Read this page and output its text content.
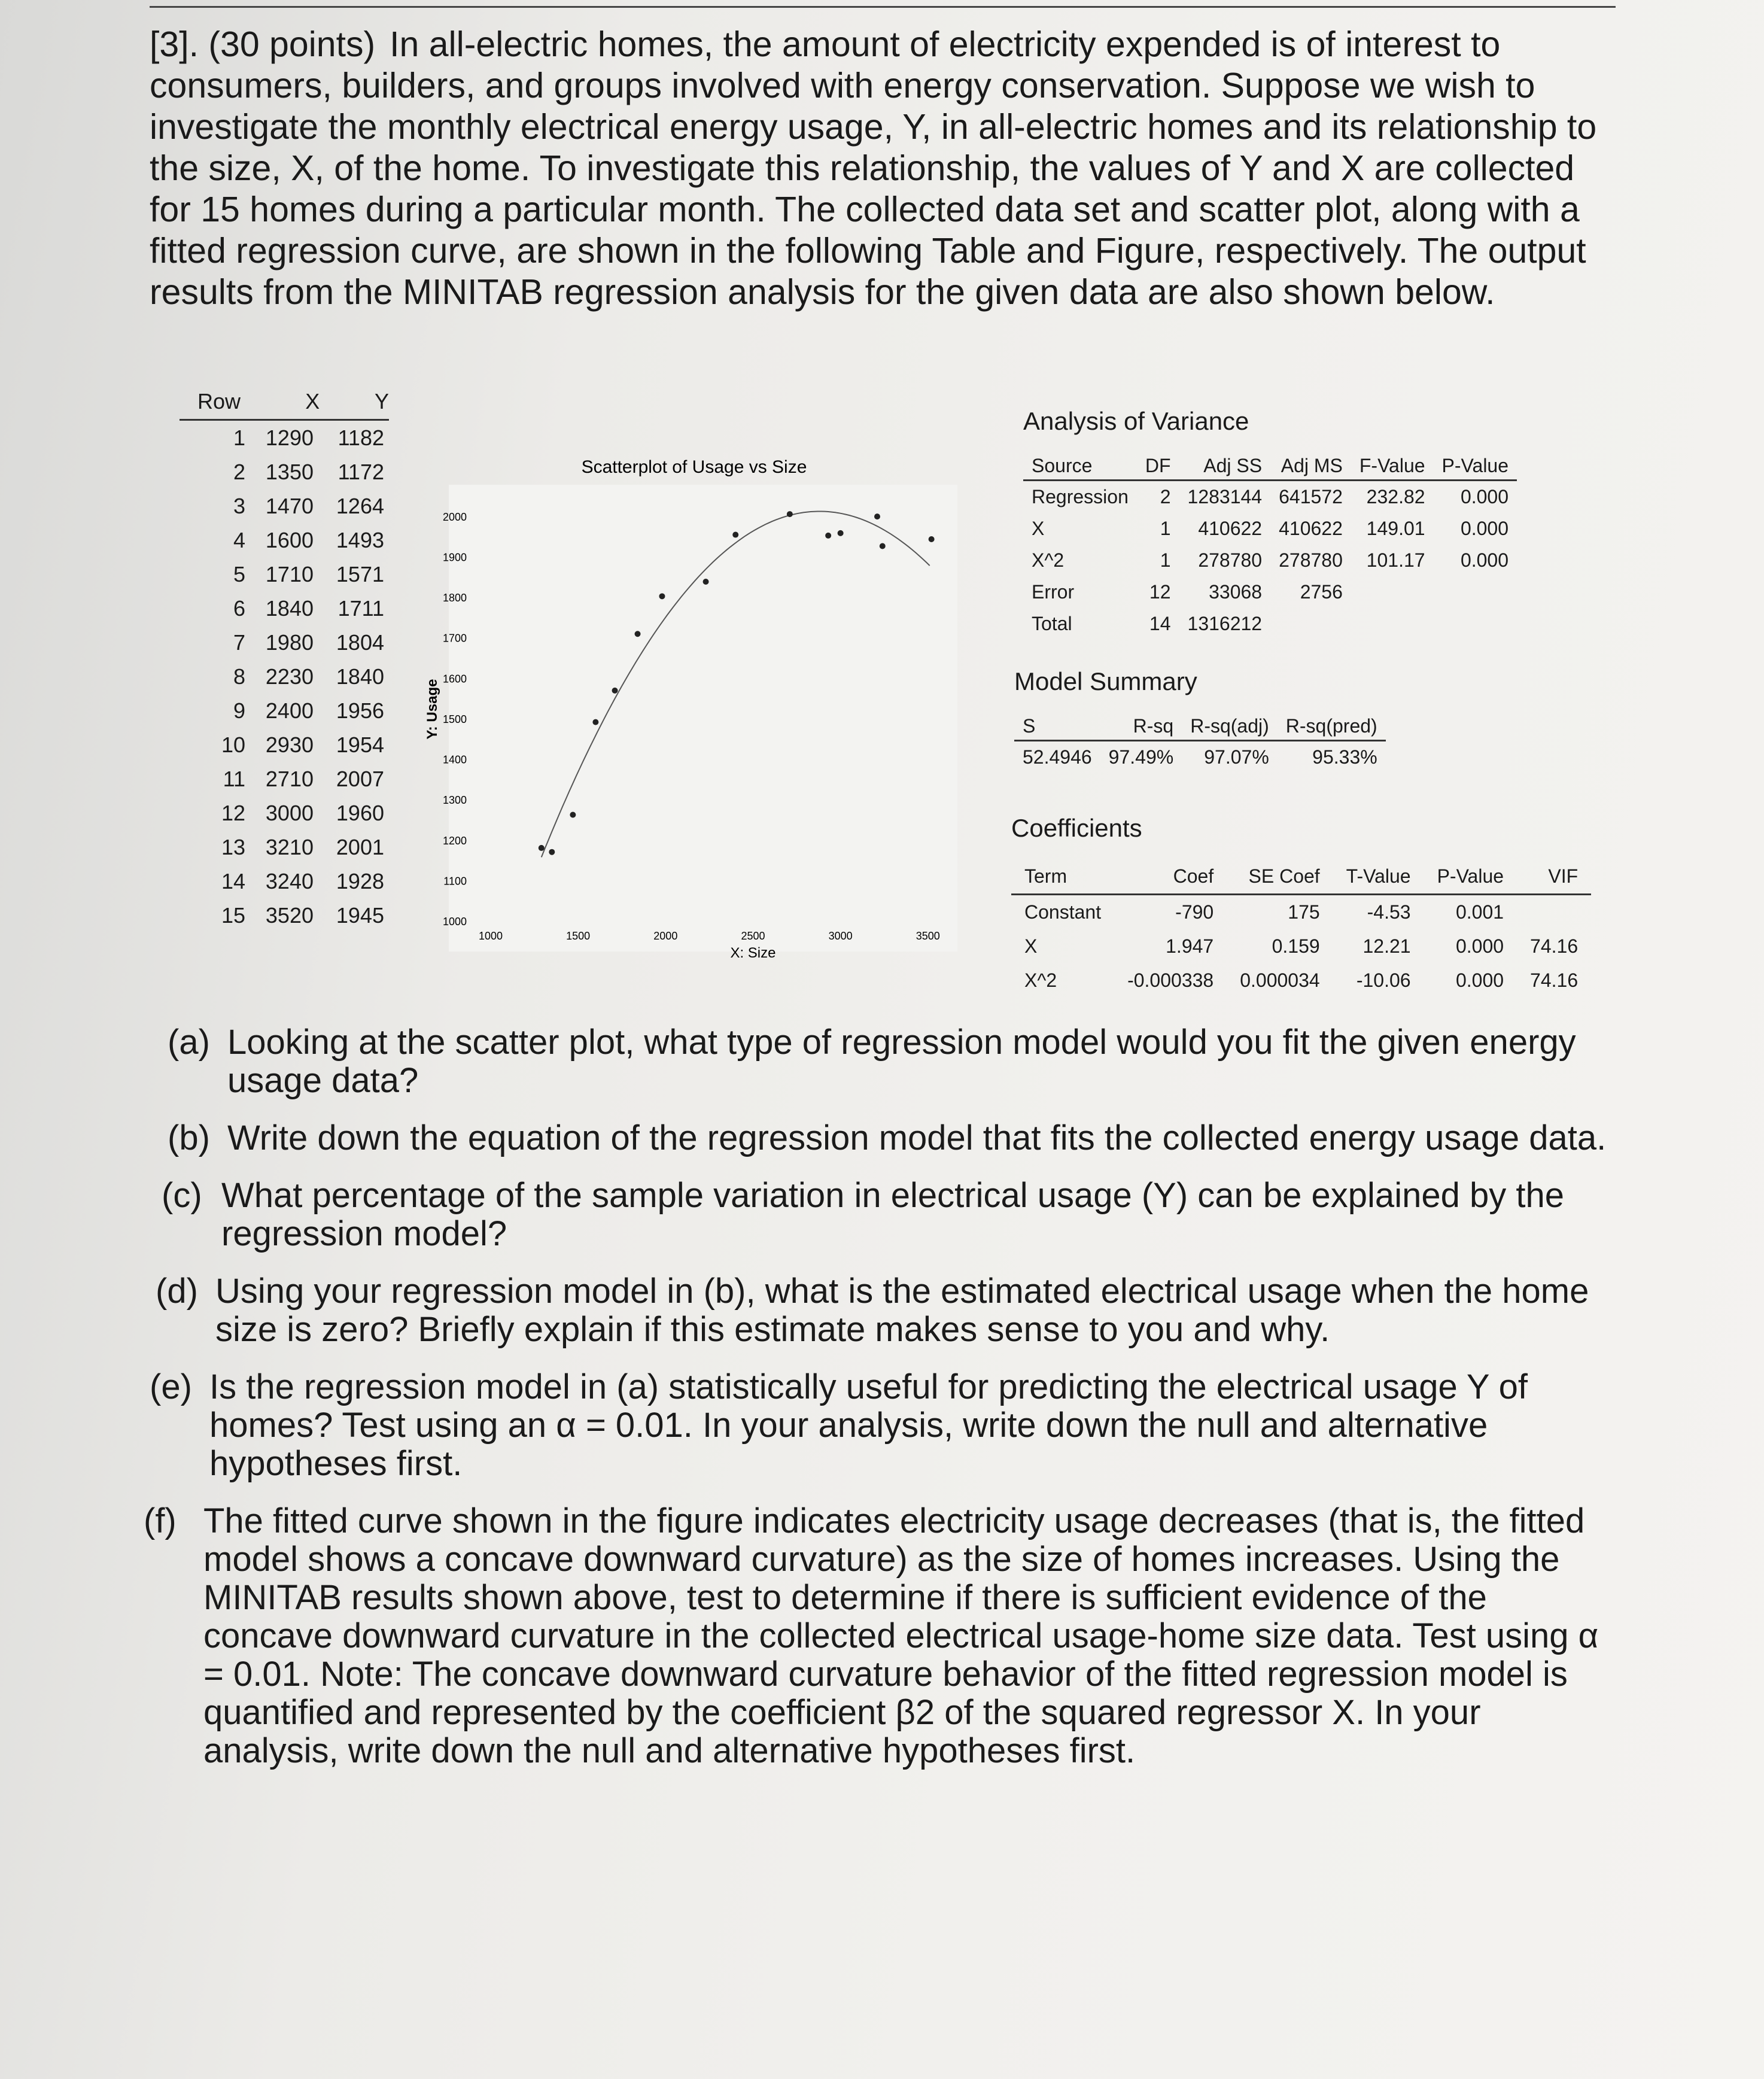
[3]. (30 points) In all-electric homes, the amount of electricity expended is of interest to consumers, builders, and groups involved with energy conservation. Suppose we wish to investigate the monthly electrical energy usage, Y, in all-electric homes and its relationship to the size, X, of the home. To investigate this relationship, the values of Y and X are collected for 15 homes during a particular month. The collected data set and scatter plot, along with a fitted regression curve, are shown in the following Table and Figure, respectively. The output results from the MINITAB regression analysis for the given data are also shown below.

Row	X	Y
1 1290	1182
2 1350	1172
3 1470	1264
4 1600	1493
5 1710	1571
6 1840	1711
7 1980	1804
8 2230	1840
9 2400	1956
10 2930	1954
11 2710	2007
12 3000	1960
13 3210	2001
14 3240	1928
15 3520	1945
Scatterplot of Usage vs Size
X: Size
Y: Usage
1000	1500	2000	2500	3000	3500
1000
1100
1200
1300
1400
1500
1600
1700
1800
1900
2000
Analysis of Variance
Source	DF	Adj SS	Adj MS	F-Value	P-Value
Regression	2	1283144	641572	232.82	0.000
X	1	410622	410622	149.01	0.000
X^2	1	278780	278780	101.17	0.000
Error	12	33068	2756		
Total	14	1316212			
Model Summary
S	R-sq	R-sq(adj)	R-sq(pred)
52.4946	97.49%	97.07%	95.33%
Coefficients
Term	Coef	SE Coef	T-Value	P-Value	VIF
Constant	-790	175	-4.53	0.001	
X	1.947	0.159	12.21	0.000	74.16
X^2	-0.000338	0.000034	-10.06	0.000	74.16
(a) Looking at the scatter plot, what type of regression model would you fit the given energy usage data?
(b) Write down the equation of the regression model that fits the collected energy usage data.
(c) What percentage of the sample variation in electrical usage (Y) can be explained by the regression model?
(d) Using your regression model in (b), what is the estimated electrical usage when the home size is zero? Briefly explain if this estimate makes sense to you and why.
(e) Is the regression model in (a) statistically useful for predicting the electrical usage Y of homes? Test using an α = 0.01. In your analysis, write down the null and alternative hypotheses first.
(f) The fitted curve shown in the figure indicates electricity usage decreases (that is, the fitted model shows a concave downward curvature) as the size of homes increases. Using the MINITAB results shown above, test to determine if there is sufficient evidence of the concave downward curvature in the collected electrical usage-home size data. Test using α = 0.01. Note: The concave downward curvature behavior of the fitted regression model is quantified and represented by the coefficient β2 of the squared regressor X. In your analysis, write down the null and alternative hypotheses first.
